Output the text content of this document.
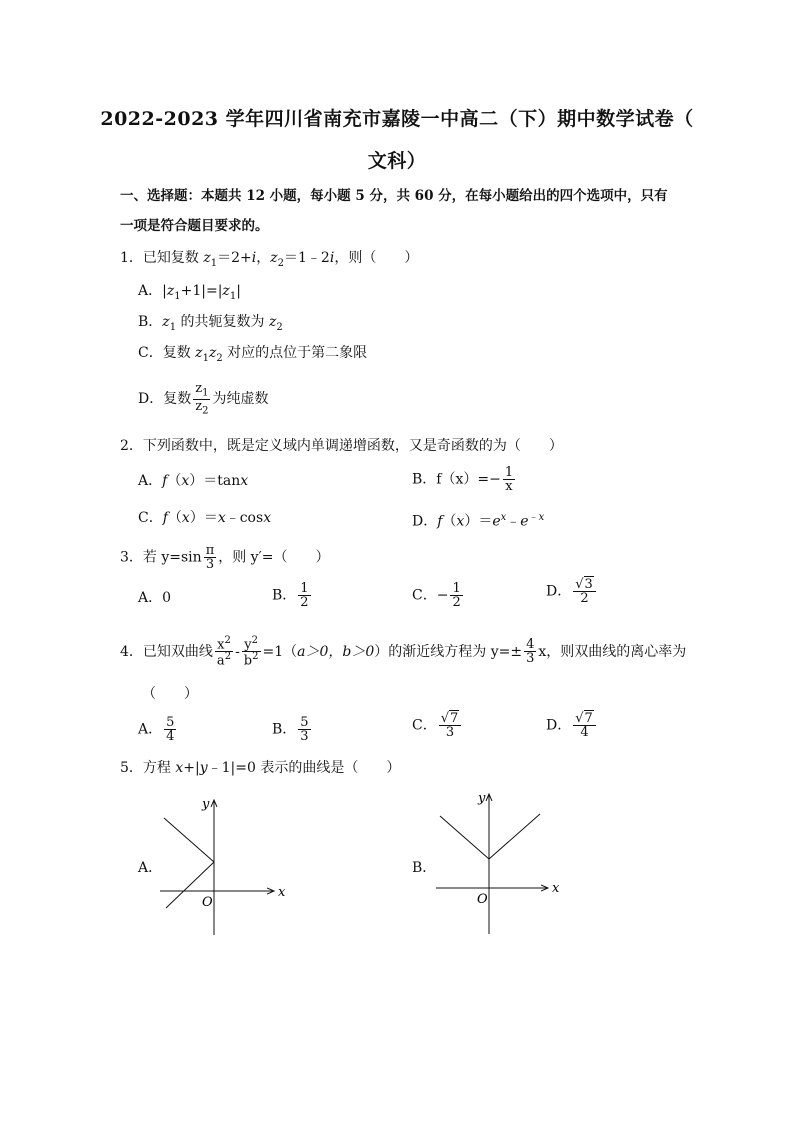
2022-2023 学年四川省南充市嘉陵一中高二（下）期中数学试卷（
文科）
一、选择题：本题共 12 小题，每小题 5 分，共 60 分，在每小题给出的四个选项中，只有
一项是符合题目要求的。
1．已知复数 $z_1=2+i$，$z_2=1﹣2i$，则（　　）
A．$|z_1+1|=|z_1|$
B．$z_1$ 的共轭复数为 $z_2$
C．复数 $z_1z_2$ 对应的点位于第二象限
D．复数 $\frac{z_1}{z_2}$ 为纯虚数
2．下列函数中，既是定义域内单调递增函数，又是奇函数的为（　　）
A．f（x）＝tanx	B．$f(x)=- \frac{1}{x}$
C．f（x）＝x﹣cosx	D．$f(x)=e^x﹣e^{﹣x}$
3．若 $y=\sin \frac{\pi}{3}$ ，则 y′=（　　）
A．0	B． $\frac{1}{2}$	C．− $\frac{1}{2}$	D． $\frac{√3}{2}$
4．已知双曲线 $\frac{x^2}{a^2} - \frac{y^2}{b^2} =1(a>0$，b＞0）的渐近线方程为 $y=\pm \frac{4}{3}$ x，则双曲线的离心率为
（　　）
A． $\frac{5}{4}$	B． $\frac{5}{3}$	C． $\frac{√7}{3}$	D． $\frac{√7}{4}$
5．方程 x+|y﹣1|=0 表示的曲线是（　　）
A．
x
y
O
B．
x
y
O
